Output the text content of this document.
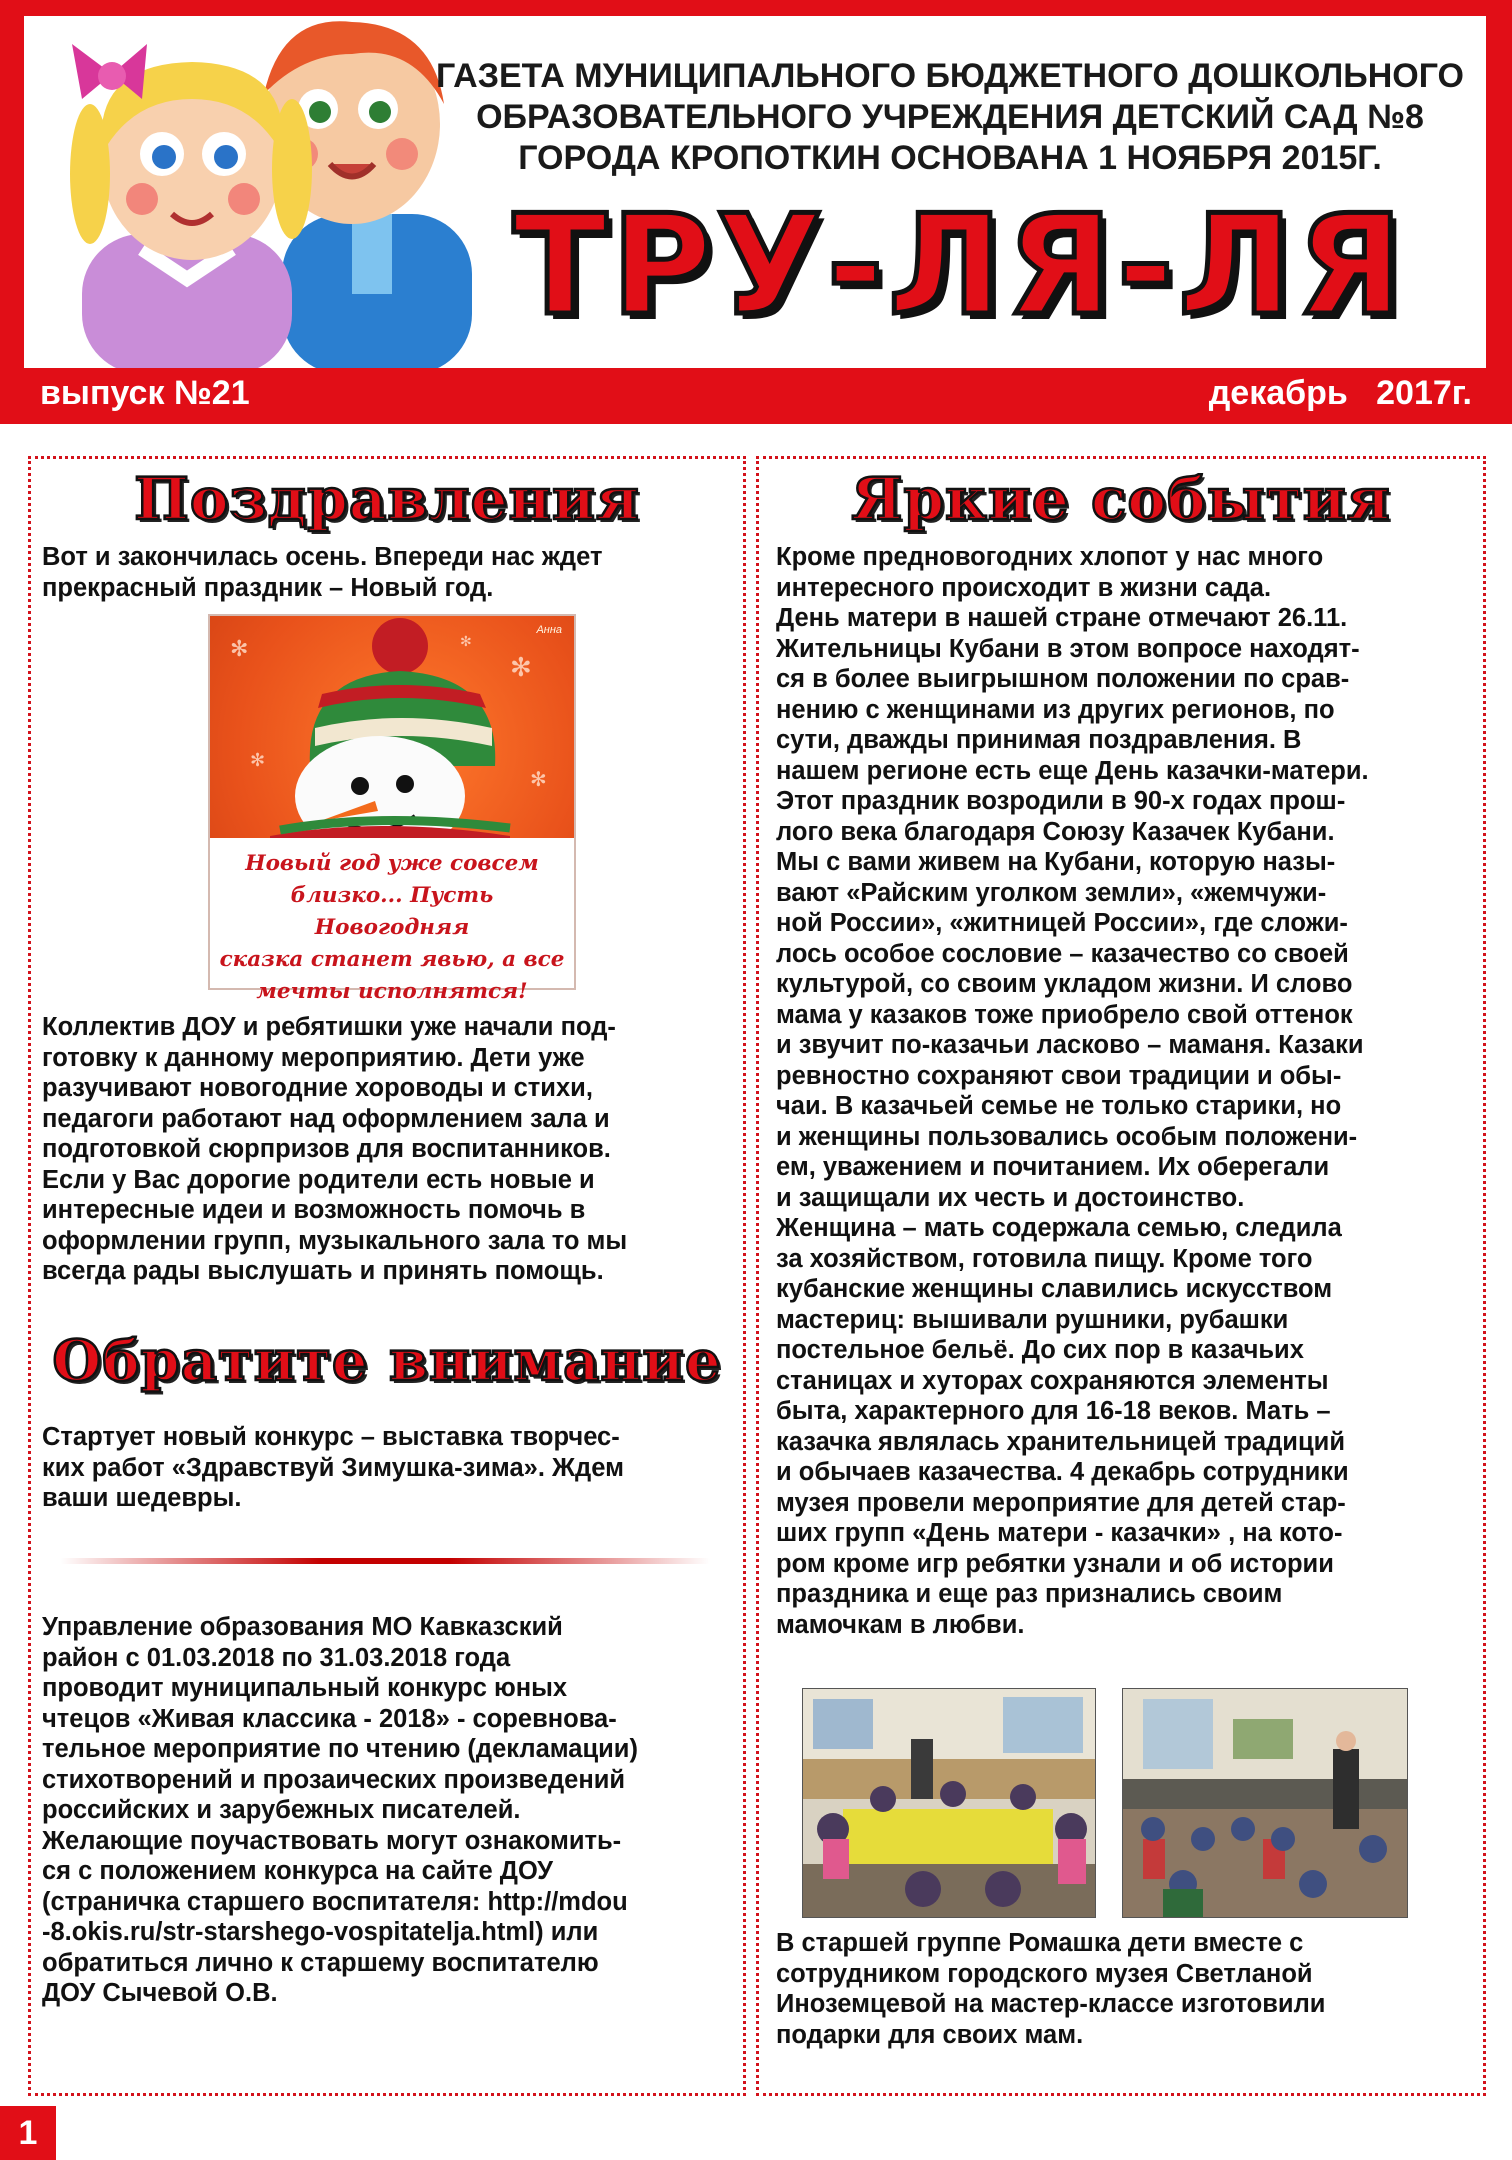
ГАЗЕТА МУНИЦИПАЛЬНОГО БЮДЖЕТНОГО ДОШКОЛЬНОГО
ОБРАЗОВАТЕЛЬНОГО УЧРЕЖДЕНИЯ ДЕТСКИЙ САД №8
ГОРОДА КРОПОТКИН ОСНОВАНА 1 НОЯБРЯ 2015Г.
ТРУ-ЛЯ-ЛЯ
выпуск №21	декабрь   2017г.
Поздравления
Вот и закончилась осень. Впереди нас ждет
прекрасный праздник – Новый год.
✻
✻
✻
✻
✻
Анна
Новый год уже совсем
близко... Пусть Новогодняя
сказка станет явью, а все
мечты исполнятся!
Коллектив ДОУ и ребятишки уже начали под-
готовку к данному мероприятию. Дети уже
разучивают новогодние хороводы и стихи,
педагоги работают над оформлением зала и
подготовкой сюрпризов для воспитанников.
Если у Вас дорогие родители есть новые и
интересные идеи и возможность помочь в
оформлении групп, музыкального зала то мы
всегда рады выслушать и принять помощь.
Обратите внимание
Стартует новый конкурс – выставка творчес-
ких работ «Здравствуй Зимушка-зима». Ждем
ваши шедевры.
Управление образования МО Кавказский
район с 01.03.2018 по 31.03.2018 года
проводит муниципальный конкурс юных
чтецов «Живая классика - 2018» - соревнова-
тельное мероприятие по чтению (декламации)
стихотворений и прозаических произведений
российских и зарубежных писателей.
Желающие поучаствовать могут ознакомить-
ся с положением конкурса на сайте ДОУ
(страничка старшего воспитателя: http://mdou
-8.okis.ru/str-starshego-vospitatelja.html) или
обратиться лично к старшему воспитателю
ДОУ Сычевой О.В.
Яркие события
Кроме предновогодних хлопот у нас много
интересного происходит в жизни сада.
День матери в нашей стране отмечают 26.11.
Жительницы Кубани в этом вопросе находят-
ся в более выигрышном положении по срав-
нению с женщинами из других регионов, по
сути, дважды принимая поздравления. В
нашем регионе есть еще День казачки-матери.
Этот праздник возродили в 90-х годах прош-
лого века благодаря Союзу Казачек Кубани.
Мы с вами живем на Кубани, которую назы-
вают «Райским уголком земли», «жемчужи-
ной России», «житницей России», где сложи-
лось особое сословие – казачество со своей
культурой, со своим укладом жизни. И слово
мама у казаков тоже приобрело свой оттенок
и звучит по-казачьи ласково – маманя. Казаки
ревностно сохраняют свои традиции и обы-
чаи. В казачьей семье не только старики, но
и женщины пользовались особым положени-
ем, уважением и почитанием. Их оберегали
и защищали их честь и достоинство.
Женщина – мать содержала семью, следила
за хозяйством, готовила пищу. Кроме того
кубанские женщины славились искусством
мастериц: вышивали рушники, рубашки
постельное бельё. До сих пор в казачьих
станицах и хуторах сохраняются элементы
быта, характерного для 16-18 веков. Мать –
казачка являлась хранительницей традиций
и обычаев казачества. 4 декабрь сотрудники
музея провели мероприятие для детей стар-
ших групп «День матери - казачки» , на кото-
ром кроме игр ребятки узнали и об истории
праздника и еще раз признались своим
мамочкам в любви.
В старшей группе Ромашка дети вместе с
сотрудником городского музея Светланой
Иноземцевой на мастер-классе изготовили
подарки для своих мам.
1
